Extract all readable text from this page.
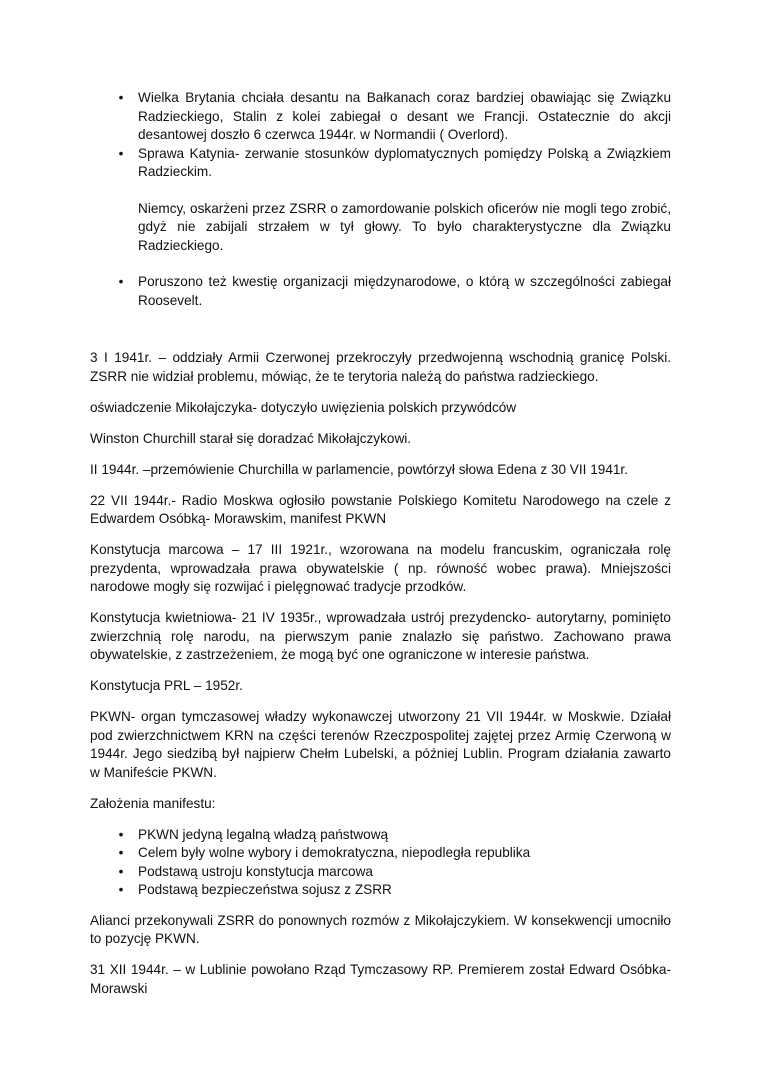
• Wielka Brytania chciała desantu na Bałkanach coraz bardziej obawiając się Związku Radzieckiego, Stalin z kolei zabiegał o desant we Francji. Ostatecznie do akcji desantowej doszło 6 czerwca 1944r. w Normandii ( Overlord).
• Sprawa Katynia- zerwanie stosunków dyplomatycznych pomiędzy Polską a Związkiem Radzieckim.
Niemcy, oskarżeni przez ZSRR o zamordowanie polskich oficerów nie mogli tego zrobić, gdyż nie zabijali strzałem w tył głowy. To było charakterystyczne dla Związku Radzieckiego.
• Poruszono też kwestię organizacji międzynarodowe, o którą w szczególności zabiegał Roosevelt.

3 I 1941r. – oddziały Armii Czerwonej przekroczyły przedwojenną wschodnią granicę Polski. ZSRR nie widział problemu, mówiąc, że te terytoria należą do państwa radzieckiego.

oświadczenie Mikołajczyka- dotyczyło uwięzienia polskich przywódców

Winston Churchill starał się doradzać Mikołajczykowi.

II 1944r. –przemówienie Churchilla w parlamencie, powtórzył słowa Edena z 30 VII 1941r.

22 VII 1944r.- Radio Moskwa ogłosiło powstanie Polskiego Komitetu Narodowego na czele z Edwardem Osóbką- Morawskim, manifest PKWN

Konstytucja marcowa – 17 III 1921r., wzorowana na modelu francuskim, ograniczała rolę prezydenta, wprowadzała prawa obywatelskie ( np. równość wobec prawa). Mniejszości narodowe mogły się rozwijać i pielęgnować tradycje przodków.

Konstytucja kwietniowa- 21 IV 1935r., wprowadzała ustrój prezydencko- autorytarny, pominięto zwierzchnią rolę narodu, na pierwszym panie znalazło się państwo. Zachowano prawa obywatelskie, z zastrzeżeniem, że mogą być one ograniczone w interesie państwa.

Konstytucja PRL – 1952r.

PKWN- organ tymczasowej władzy wykonawczej utworzony 21 VII 1944r. w Moskwie. Działał pod zwierzchnictwem KRN na części terenów Rzeczpospolitej zajętej przez Armię Czerwoną w 1944r. Jego siedzibą był najpierw Chełm Lubelski, a później Lublin. Program działania zawarto w Manifeście PKWN.

Założenia manifestu:

• PKWN jedyną legalną władzą państwową
• Celem były wolne wybory i demokratyczna, niepodległa republika
• Podstawą ustroju konstytucja marcowa
• Podstawą bezpieczeństwa sojusz z ZSRR

Alianci przekonywali ZSRR do ponownych rozmów z Mikołajczykiem. W konsekwencji umocniło to pozycję PKWN.

31 XII 1944r. – w Lublinie powołano Rząd Tymczasowy RP. Premierem został Edward Osóbka-Morawski
